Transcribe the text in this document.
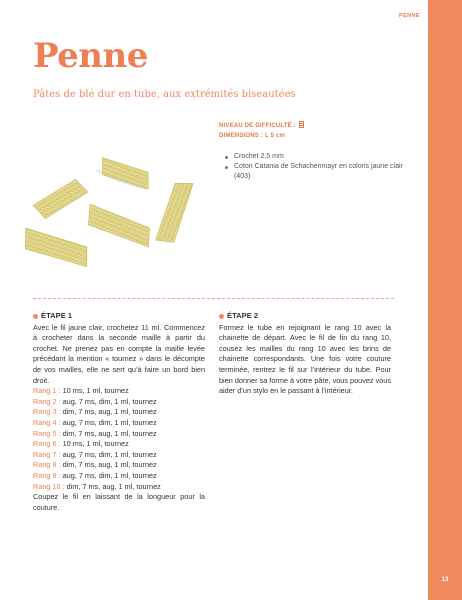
PENNE
Penne
Pâtes de blé dur en tube, aux extrémités biseautées
NIVEAU DE DIFFICULTÉ :
DIMENSIONS : L 5 cm
Crochet 2,5 mm
Coton Catania de Schachenmayr en coloris jaune clair (403)
ÉTAPE 1

Avec le fil jaune clair, crochetez 11 ml. Commencez à crocheter dans la seconde maille à partir du crochet. Ne prenez pas en compte la maille levée précédant la mention « tournez » dans le décompte de vos mailles, elle ne sert qu’à faire un bord bien droit.

Rang 1 : 10 ms, 1 ml, tournez
Rang 2 : aug, 7 ms, dim, 1 ml, tournez
Rang 3 : dim, 7 ms, aug, 1 ml, tournez
Rang 4 : aug, 7 ms, dim, 1 ml, tournez
Rang 5 : dim, 7 ms, aug, 1 ml, tournez
Rang 6 : 10 ms, 1 ml, tournez
Rang 7 : aug, 7 ms, dim, 1 ml, tournez
Rang 8 : dim, 7 ms, aug, 1 ml, tournez
Rang 9 : aug, 7 ms, dim, 1 ml, tournez
Rang 10 : dim, 7 ms, aug, 1 ml, tournez

Coupez le fil en laissant de la longueur pour la couture.

ÉTAPE 2

Formez le tube en rejoignant le rang 10 avec la chainette de départ. Avec le fil de fin du rang 10, cousez les mailles du rang 10 avec les brins de chainette correspondants. Une fois votre couture terminée, rentrez le fil sur l’intérieur du tube. Pour bien donner sa forme à votre pâte, vous pouvez vous aider d’un stylo en le passant à l’intérieur.

13
